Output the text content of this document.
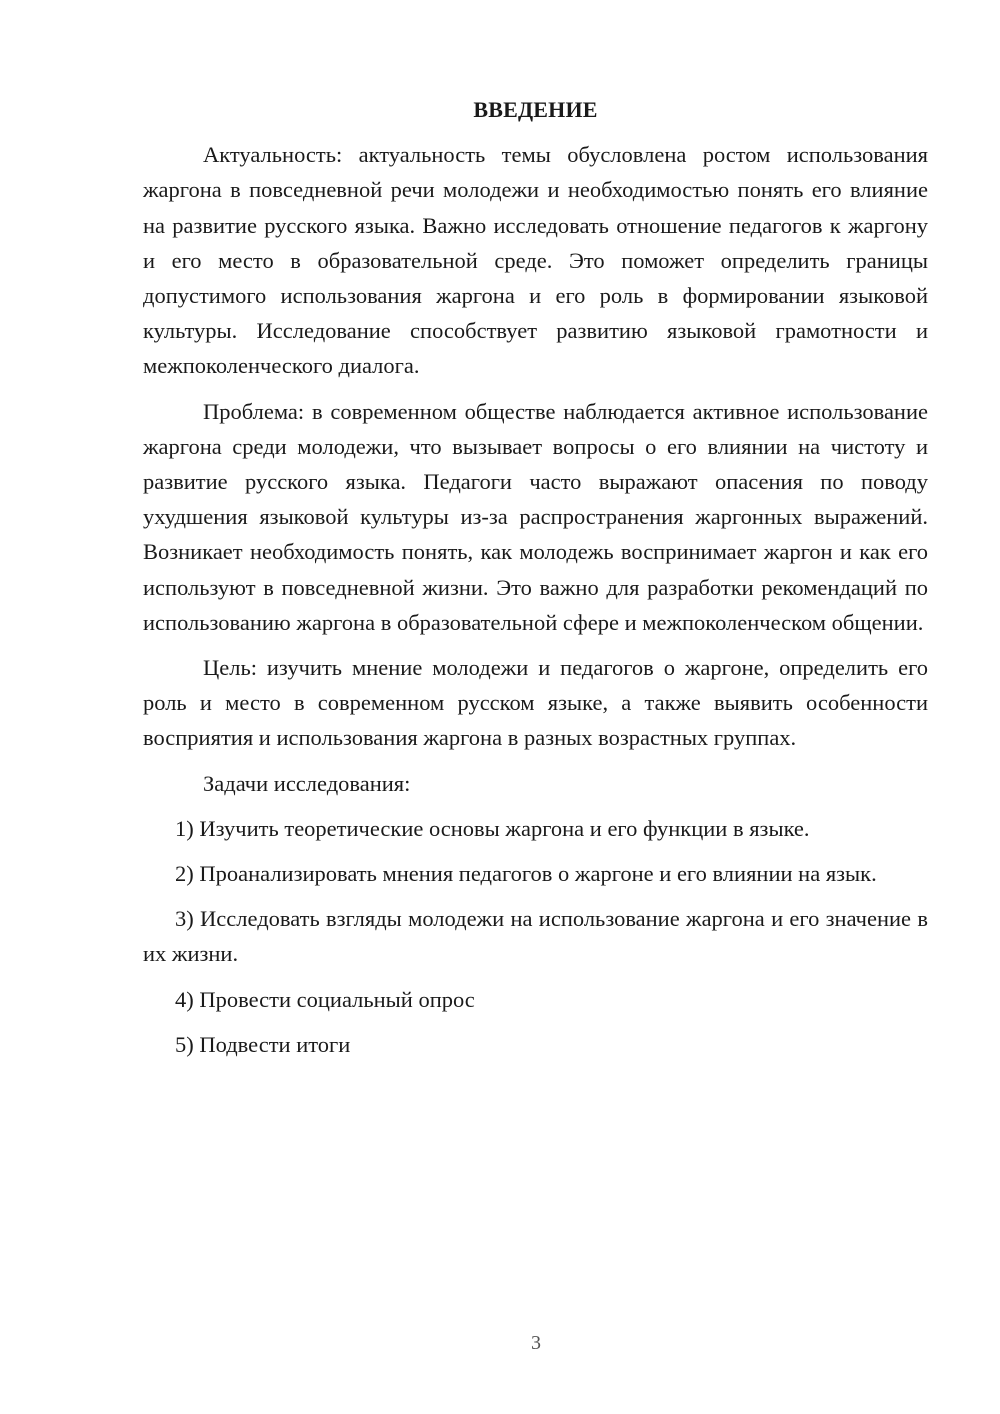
ВВЕДЕНИЕ

Актуальность: актуальность темы обусловлена ростом использования жаргона в повседневной речи молодежи и необходимостью понять его влияние на развитие русского языка. Важно исследовать отношение педагогов к жаргону и его место в образовательной среде. Это поможет определить границы допустимого использования жаргона и его роль в формировании языковой культуры. Исследование способствует развитию языковой грамотности и межпоколенческого диалога.

Проблема: в современном обществе наблюдается активное использование жаргона среди молодежи, что вызывает вопросы о его влиянии на чистоту и развитие русского языка. Педагоги часто выражают опасения по поводу ухудшения языковой культуры из-за распространения жаргонных выражений. Возникает необходимость понять, как молодежь воспринимает жаргон и как его используют в повседневной жизни. Это важно для разработки рекомендаций по использованию жаргона в образовательной сфере и межпоколенческом общении.

Цель: изучить мнение молодежи и педагогов о жаргоне, определить его роль и место в современном русском языке, а также выявить особенности восприятия и использования жаргона в разных возрастных группах.

Задачи исследования:

1) Изучить теоретические основы жаргона и его функции в языке.

2) Проанализировать мнения педагогов о жаргоне и его влиянии на язык.

3) Исследовать взгляды молодежи на использование жаргона и его значение в их жизни.

4) Провести социальный опрос

5) Подвести итоги

3
